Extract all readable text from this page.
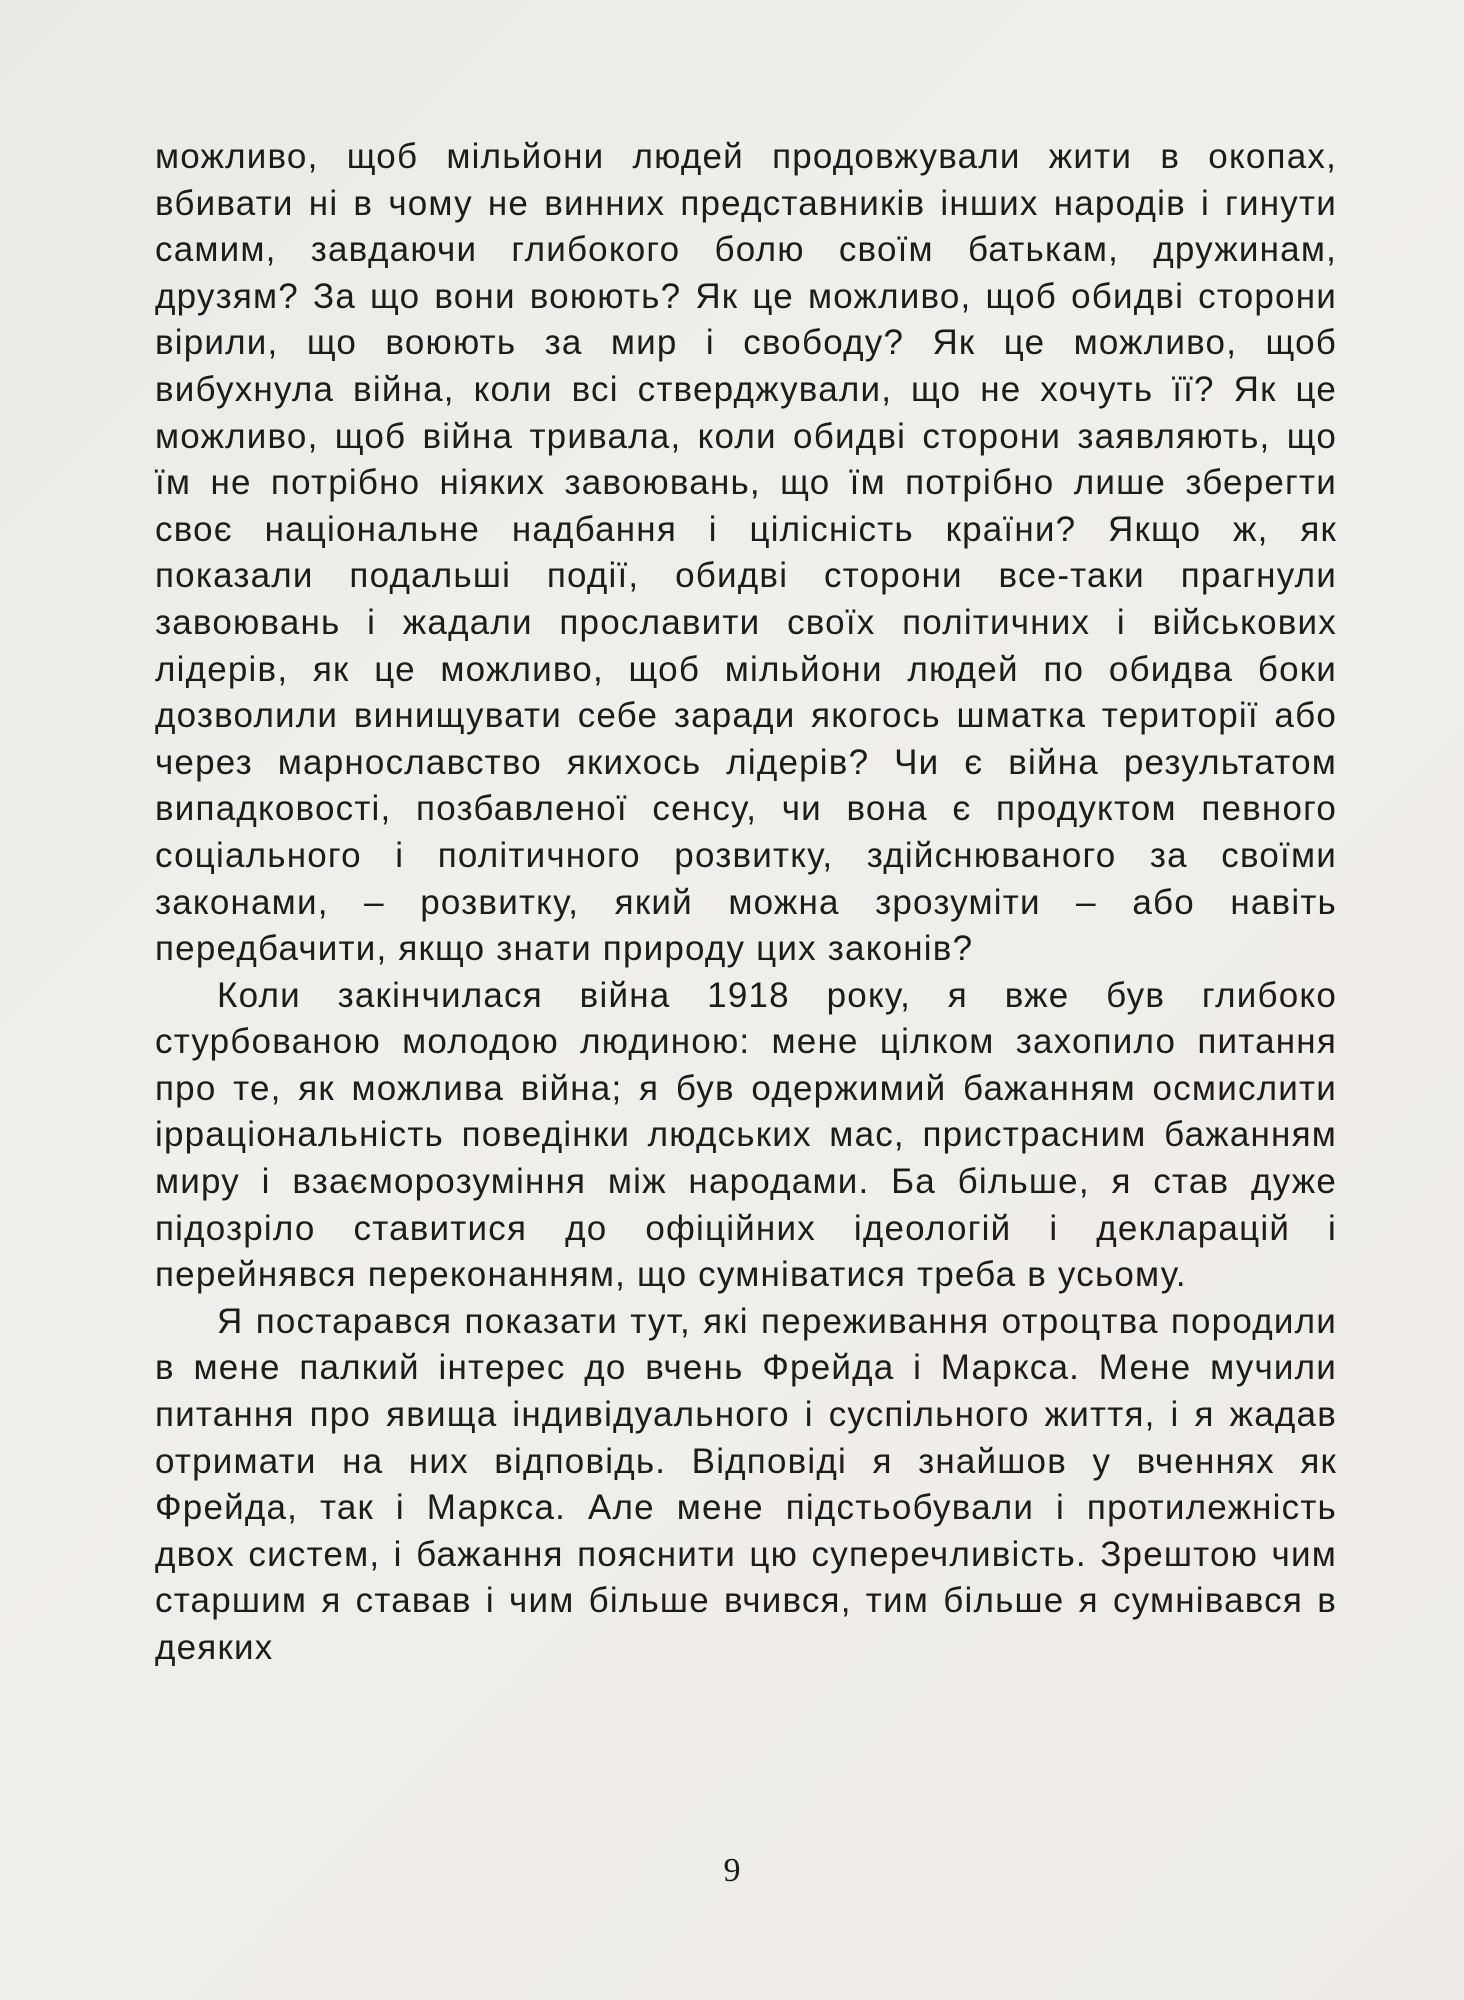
можливо, щоб мільйони людей продовжували жити в окопах, вбивати ні в чому не винних представників інших народів і гинути самим, завдаючи глибокого болю своїм батькам, дружинам, друзям? За що вони воюють? Як це можливо, щоб обидві сторони вірили, що воюють за мир і свободу? Як це можливо, щоб вибухнула війна, коли всі стверджували, що не хочуть її? Як це можливо, щоб війна тривала, коли обидві сторони заявляють, що їм не потрібно ніяких завоювань, що їм потрібно лише зберегти своє національне надбання і цілісність країни? Якщо ж, як показали подальші події, обидві сторони все-таки прагнули завоювань і жадали прославити своїх політичних і військових лідерів, як це можливо, щоб мільйони людей по обидва боки дозволили винищувати себе заради якогось шматка території або через марнославство якихось лідерів? Чи є війна результатом випадковості, позбавленої сенсу, чи вона є продуктом певного соціального і політичного розвитку, здійснюваного за своїми законами, – розвитку, який можна зрозуміти – або навіть передбачити, якщо знати природу цих законів?

Коли закінчилася війна 1918 року, я вже був глибоко стурбованою молодою людиною: мене цілком захопило питання про те, як можлива війна; я був одержимий бажанням осмислити ірраціональність поведінки людських мас, пристрасним бажанням миру і взаєморозуміння між народами. Ба більше, я став дуже підозріло ставитися до офіційних ідеологій і декларацій і перейнявся переконанням, що сумніватися треба в усьому.

Я постарався показати тут, які переживання отроцтва породили в мене палкий інтерес до вчень Фрейда і Маркса. Мене мучили питання про явища індивідуального і суспільного життя, і я жадав отримати на них відповідь. Відповіді я знайшов у вченнях як Фрейда, так і Маркса. Але мене підстьобували і протилежність двох систем, і бажання пояснити цю суперечливість. Зрештою чим старшим я ставав і чим більше вчився, тим більше я сумнівався в деяких

9
